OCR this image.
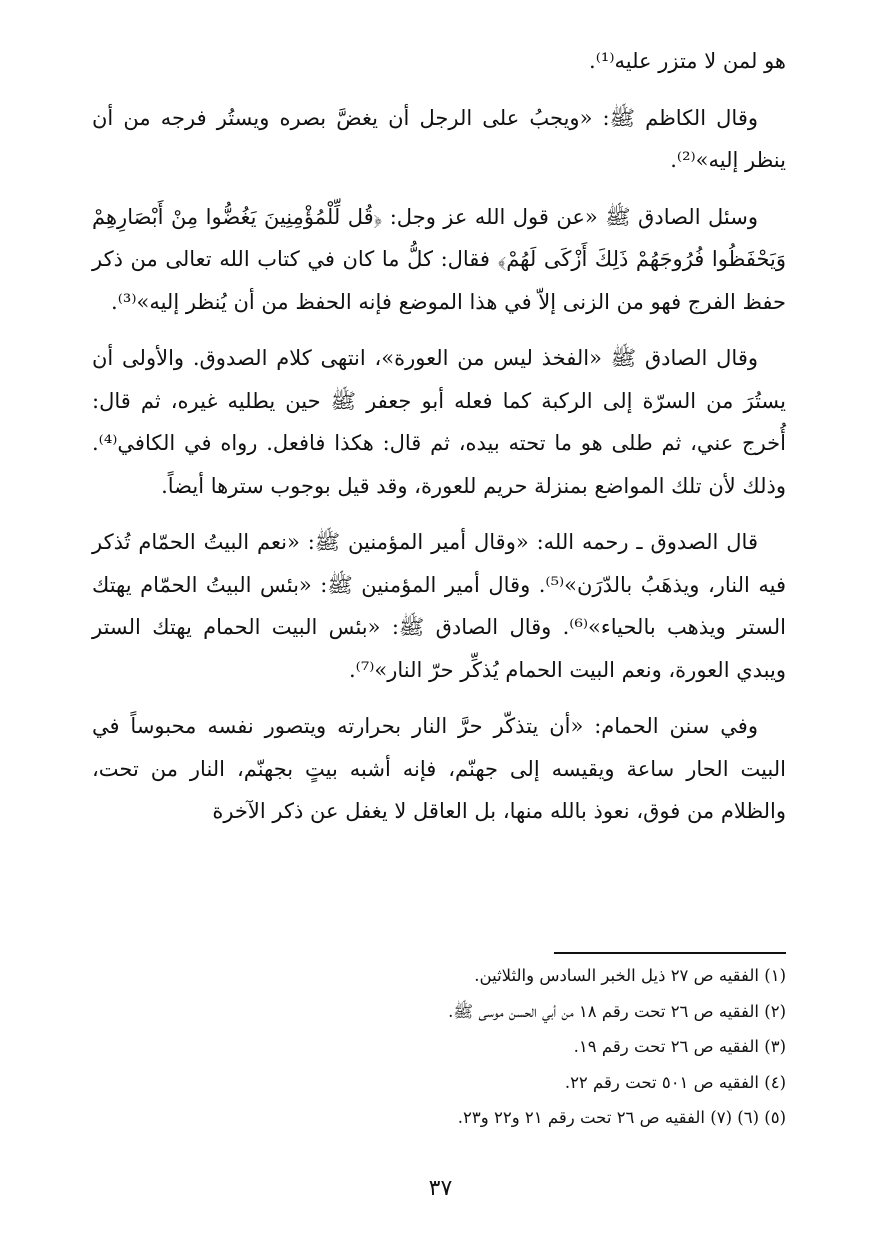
هو لمن لا متزر عليه⁽¹⁾.

وقال الكاظم ﷺ: «ويجبُ على الرجل أن يغضَّ بصره ويستُر فرجه من أن ينظر إليه»⁽²⁾.

وسئل الصادق ﷺ «عن قول الله عز وجل: ﴿قُل لِّلْمُؤْمِنِينَ يَغُضُّوا مِنْ أَبْصَارِهِمْ وَيَحْفَظُوا فُرُوجَهُمْ ذَلِكَ أَزْكَى لَهُمْ﴾ فقال: كلُّ ما كان في كتاب الله تعالى من ذكر حفظ الفرج فهو من الزنى إلاّ في هذا الموضع فإنه الحفظ من أن يُنظر إليه»⁽³⁾.

وقال الصادق ﷺ «الفخذ ليس من العورة»، انتهى كلام الصدوق. والأولى أن يستُرَ من السرّة إلى الركبة كما فعله أبو جعفر ﷺ حين يطليه غيره، ثم قال: أُخرج عني، ثم طلى هو ما تحته بيده، ثم قال: هكذا فافعل. رواه في الكافي⁽⁴⁾. وذلك لأن تلك المواضع بمنزلة حريم للعورة، وقد قيل بوجوب سترها أيضاً.

قال الصدوق ـ رحمه الله: «وقال أمير المؤمنين ﷺ: «نعم البيتُ الحمّام تُذكر فيه النار، ويذهَبُ بالدّرَن»⁽⁵⁾. وقال أمير المؤمنين ﷺ: «بئس البيتُ الحمّام يهتك الستر ويذهب بالحياء»⁽⁶⁾. وقال الصادق ﷺ: «بئس البيت الحمام يهتك الستر ويبدي العورة، ونعم البيت الحمام يُذكِّر حرّ النار»⁽⁷⁾.

وفي سنن الحمام: «أن يتذكّر حرَّ النار بحرارته ويتصور نفسه محبوساً في البيت الحار ساعة ويقيسه إلى جهنّم، فإنه أشبه بيتٍ بجهنّم، النار من تحت، والظلام من فوق، نعوذ بالله منها، بل العاقل لا يغفل عن ذكر الآخرة

(١) الفقيه ص ٢٧ ذيل الخبر السادس والثلاثين.

(٢) الفقيه ص ٢٦ تحت رقم ١٨ من أبي الحسن موسى ﷺ.

(٣) الفقيه ص ٢٦ تحت رقم ١٩.

(٤) الفقيه ص ٥٠١ تحت رقم ٢٢.

(٥) (٦) (٧) الفقيه ص ٢٦ تحت رقم ٢١ و٢٢ و٢٣.

٣٧
